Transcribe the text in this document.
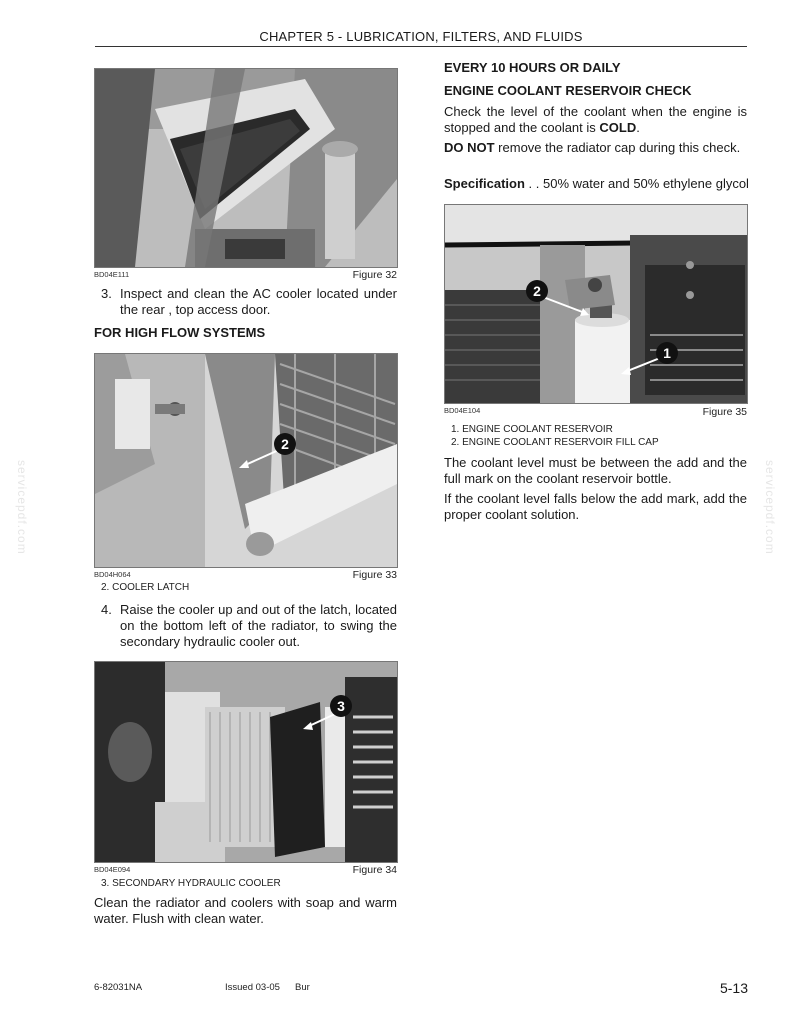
CHAPTER 5 - LUBRICATION, FILTERS, AND FLUIDS
servicepdf.com	servicepdf.com
BD04E111	Figure 32
3. Inspect and clean the AC cooler located under the rear , top access door.
FOR HIGH FLOW SYSTEMS
2
BD04H064	Figure 33
2. COOLER LATCH
4. Raise the cooler up and out of the latch, located on the bottom left of the radiator, to swing the secondary hydraulic cooler out.
3
BD04E094	Figure 34
3. SECONDARY HYDRAULIC COOLER
Clean the radiator and coolers with soap and warm water. Flush with clean water.
EVERY 10 HOURS OR DAILY
ENGINE COOLANT RESERVOIR CHECK
Check the level of the coolant when the engine is stopped and the coolant is COLD.
DO NOT remove the radiator cap during this check.
Specification . . 50% water and 50% ethylene glycol
1
2
BD04E104	Figure 35
1. ENGINE COOLANT RESERVOIR
2. ENGINE COOLANT RESERVOIR FILL CAP
The coolant level must be between the add and the full mark on the coolant reservoir bottle.
If the coolant level falls below the add mark, add the proper coolant solution.
6-82031NA	Issued 03-05 Bur	5-13
